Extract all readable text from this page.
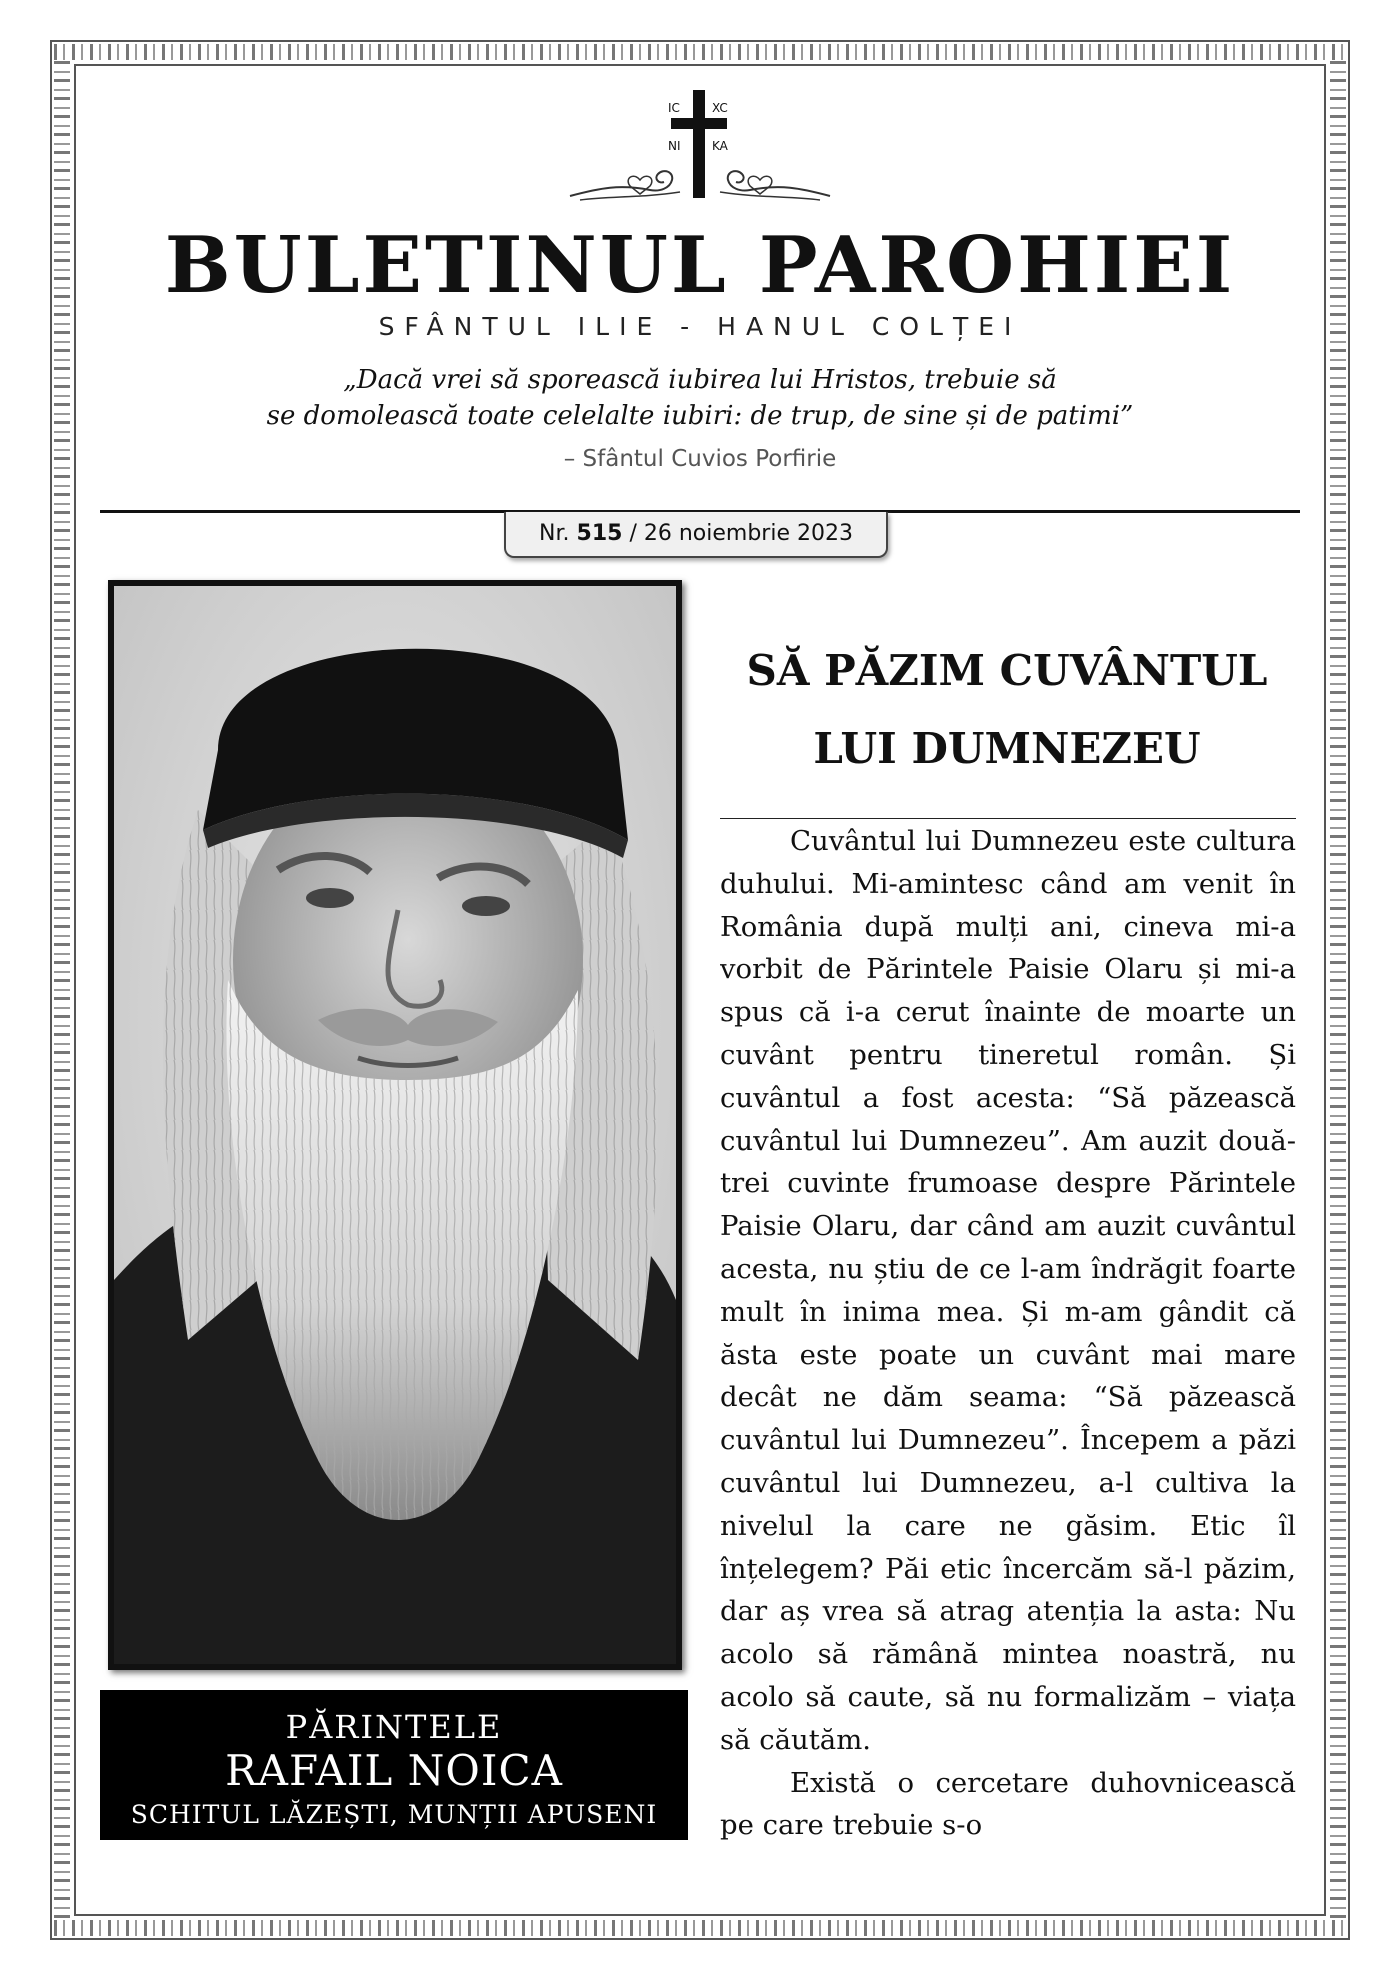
IC	XC
NI	KA
BULETINUL PAROHIEI
SFÂNTUL ILIE - HANUL COLȚEI
„Dacă vrei să sporească iubirea lui Hristos, trebuie să
se domolească toate celelalte iubiri: de trup, de sine și de patimi”
– Sfântul Cuvios Porfirie
Nr. 515 / 26 noiembrie 2023
PĂRINTELE
RAFAIL NOICA
SCHITUL LĂZEȘTI, MUNȚII APUSENI
SĂ PĂZIM CUVÂNTUL
LUI DUMNEZEU

Cuvântul lui Dumnezeu este cultura duhului. Mi-amintesc când am venit în România după mulți ani, cineva mi-a vorbit de Părintele Paisie Olaru și mi-a spus că i-a cerut înainte de moarte un cuvânt pentru tineretul român. Și cuvântul a fost acesta: “Să păzească cuvântul lui Dumnezeu”. Am auzit două-trei cuvinte frumoase despre Părintele Paisie Olaru, dar când am auzit cuvântul acesta, nu știu de ce l-am îndrăgit foarte mult în inima mea. Și m-am gândit că ăsta este poate un cuvânt mai mare decât ne dăm seama: “Să păzească cuvântul lui Dumnezeu”. Începem a păzi cuvântul lui Dumnezeu, a-l cultiva la nivelul la care ne găsim. Etic îl înțelegem? Păi etic încercăm să-l păzim, dar aș vrea să atrag atenția la asta: Nu acolo să rămână mintea noastră, nu acolo să caute, să nu formalizăm – viața să căutăm.

Există o cercetare duhovnicească pe care trebuie s-o
